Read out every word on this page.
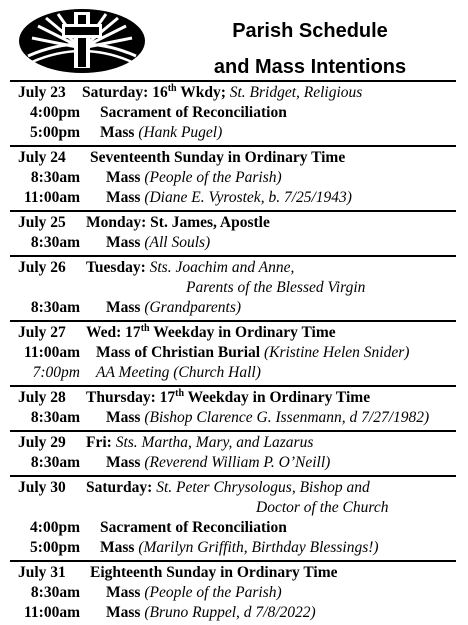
Parish Schedule
and Mass Intentions
July 23 Saturday: 16th Wkdy; St. Bridget, Religious
4:00pm Sacrament of Reconciliation
5:00pm Mass (Hank Pugel)
July 24 Seventeenth Sunday in Ordinary Time
8:30am Mass (People of the Parish)
11:00am Mass (Diane E. Vyrostek, b. 7/25/1943)
July 25 Monday: St. James, Apostle
8:30am Mass (All Souls)
July 26 Tuesday: Sts. Joachim and Anne,
Parents of the Blessed Virgin
8:30am Mass (Grandparents)
July 27 Wed: 17th Weekday in Ordinary Time
11:00am Mass of Christian Burial (Kristine Helen Snider)
7:00pm AA Meeting (Church Hall)
July 28 Thursday: 17th Weekday in Ordinary Time
8:30am Mass (Bishop Clarence G. Issenmann, d 7/27/1982)
July 29 Fri: Sts. Martha, Mary, and Lazarus
8:30am Mass (Reverend William P. O’Neill)
July 30 Saturday: St. Peter Chrysologus, Bishop and
Doctor of the Church
4:00pm Sacrament of Reconciliation
5:00pm Mass (Marilyn Griffith, Birthday Blessings!)
July 31 Eighteenth Sunday in Ordinary Time
8:30am Mass (People of the Parish)
11:00am Mass (Bruno Ruppel, d 7/8/2022)
